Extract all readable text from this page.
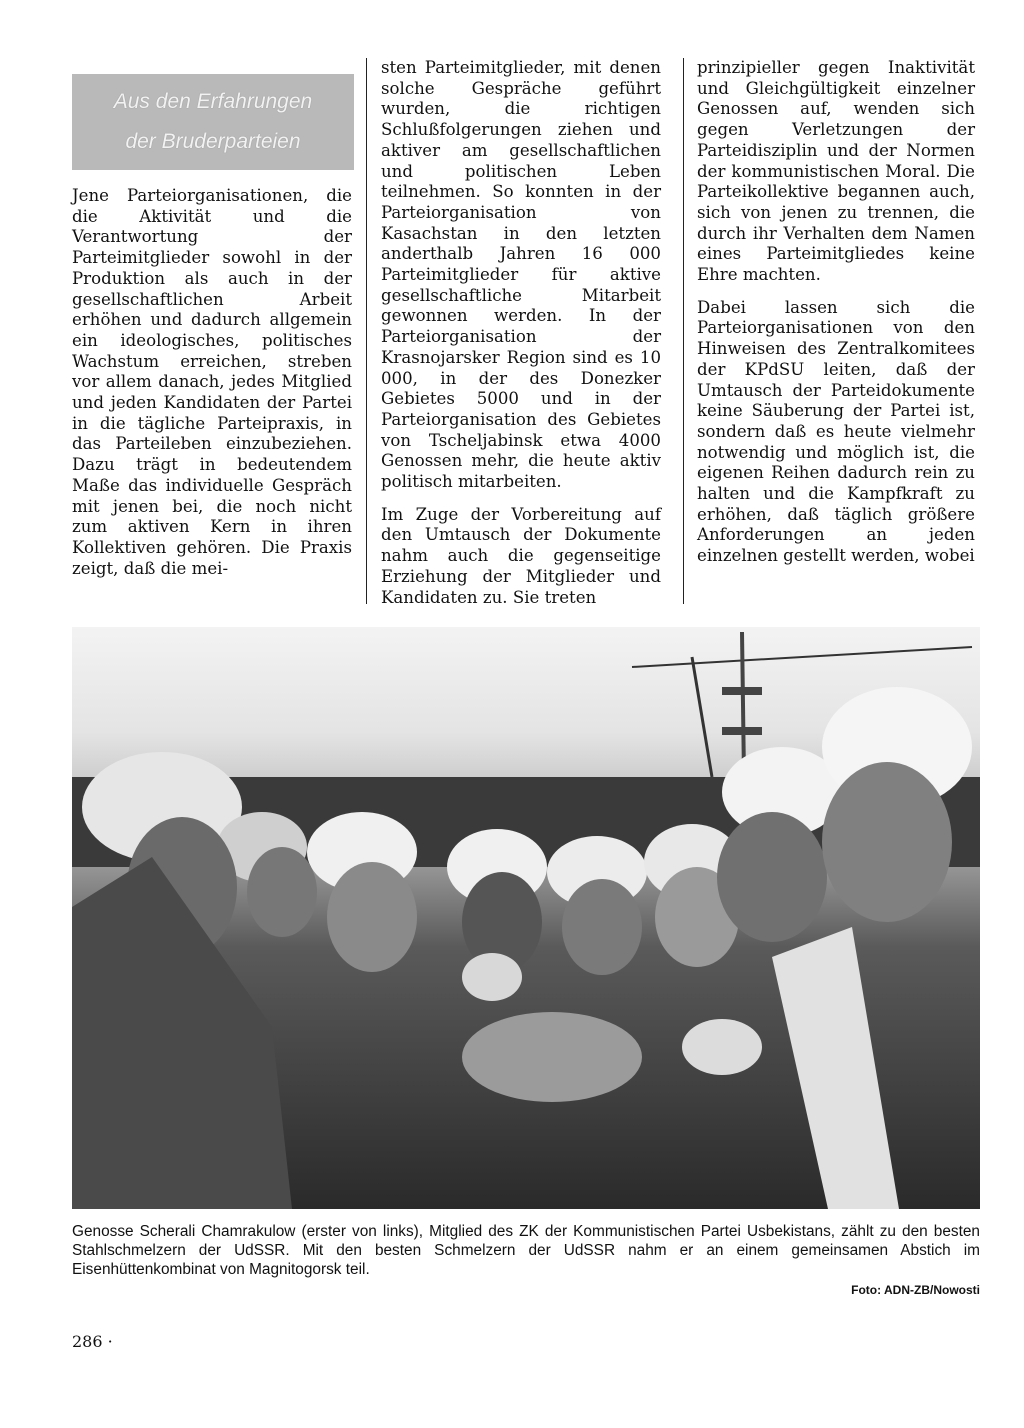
Aus den Erfahrungen
der Bruderparteien

Jene Parteiorganisationen, die die Aktivität und die Verantwortung der Parteimitglieder sowohl in der Produktion als auch in der gesellschaftlichen Arbeit erhöhen und dadurch allgemein ein ideologisches, politisches Wachstum erreichen, streben vor allem danach, jedes Mitglied und jeden Kandidaten der Partei in die tägliche Parteipraxis, in das Parteileben einzubeziehen. Dazu trägt in bedeutendem Maße das individuelle Gespräch mit jenen bei, die noch nicht zum aktiven Kern in ihren Kollektiven gehören. Die Praxis zeigt, daß die mei-

sten Parteimitglieder, mit denen solche Gespräche geführt wurden, die richtigen Schlußfolgerungen ziehen und aktiver am gesellschaftlichen und politischen Leben teilnehmen. So konnten in der Parteiorganisation von Kasachstan in den letzten anderthalb Jahren 16 000 Parteimitglieder für aktive gesellschaftliche Mitarbeit gewonnen werden. In der Parteiorganisation der Krasnojarsker Region sind es 10 000, in der des Donezker Gebietes 5000 und in der Parteiorganisation des Gebietes von Tscheljabinsk etwa 4000 Genossen mehr, die heute aktiv politisch mitarbeiten.

Im Zuge der Vorbereitung auf den Umtausch der Dokumente nahm auch die gegenseitige Erziehung der Mitglieder und Kandidaten zu. Sie treten

prinzipieller gegen Inaktivität und Gleichgültigkeit einzelner Genossen auf, wenden sich gegen Verletzungen der Parteidisziplin und der Normen der kommunistischen Moral. Die Parteikollektive begannen auch, sich von jenen zu trennen, die durch ihr Verhalten dem Namen eines Parteimitgliedes keine Ehre machten.

Dabei lassen sich die Parteiorganisationen von den Hinweisen des Zentralkomitees der KPdSU leiten, daß der Umtausch der Parteidokumente keine Säuberung der Partei ist, sondern daß es heute vielmehr notwendig und möglich ist, die eigenen Reihen dadurch rein zu halten und die Kampfkraft zu erhöhen, daß täglich größere Anforderungen an jeden einzelnen gestellt werden, wobei

Genosse Scherali Chamrakulow (erster von links), Mitglied des ZK der Kommunistischen Partei Usbekistans, zählt zu den besten Stahlschmelzern der UdSSR. Mit den besten Schmelzern der UdSSR nahm er an einem gemeinsamen Abstich im Eisenhüttenkombinat von Magnitogorsk teil.
Foto: ADN-ZB/Nowosti
286 ·
